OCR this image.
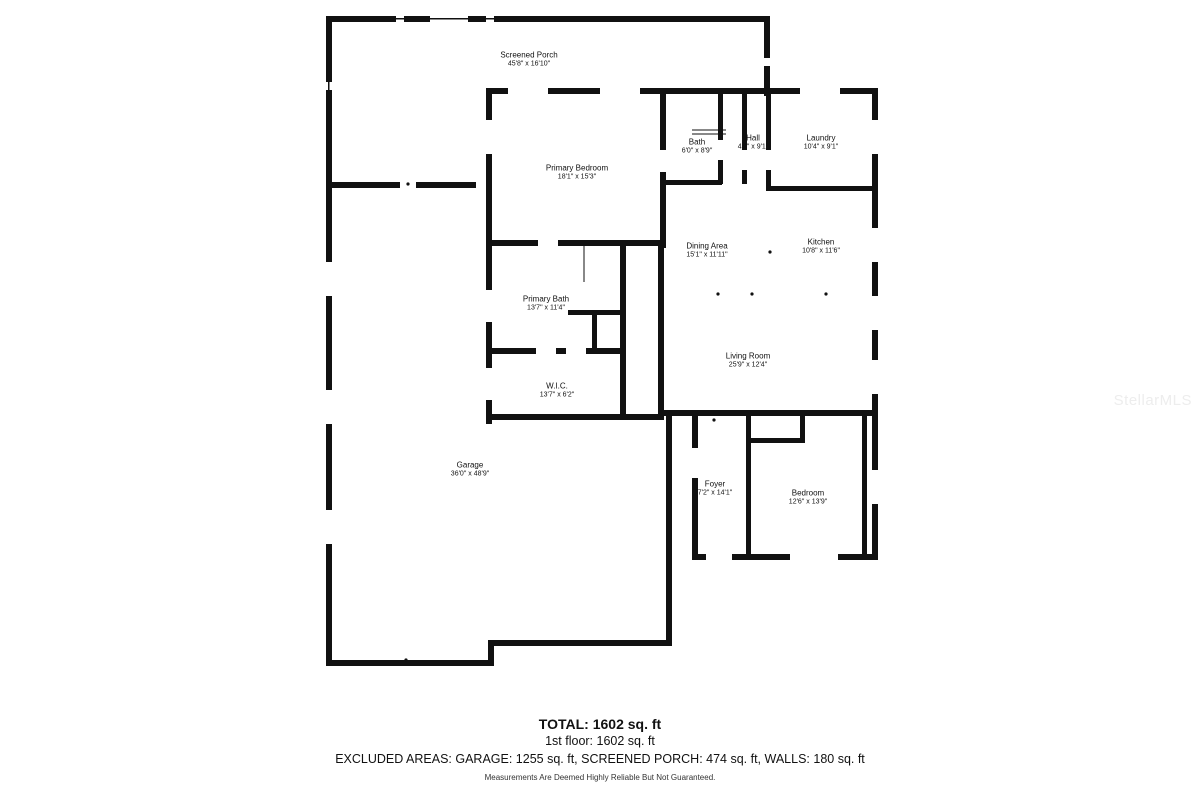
Screened Porch
45'8" x 16'10"
Primary Bedroom
18'1" x 15'3"
Bath
6'0" x 8'9"
Hall
4'3" x 9'1"
Laundry
10'4" x 9'1"
Dining Area
15'1" x 11'11"
Kitchen
10'8" x 11'6"
Primary Bath
13'7" x 11'4"
Living Room
25'9" x 12'4"
W.I.C.
13'7" x 6'2"
Garage
36'0" x 48'9"
Foyer
7'2" x 14'1"	Bedroom
12'6" x 13'9"
StellarMLS
TOTAL: 1602 sq. ft
1st floor: 1602 sq. ft
EXCLUDED AREAS: GARAGE: 1255 sq. ft, SCREENED PORCH: 474 sq. ft, WALLS: 180 sq. ft
Measurements Are Deemed Highly Reliable But Not Guaranteed.
